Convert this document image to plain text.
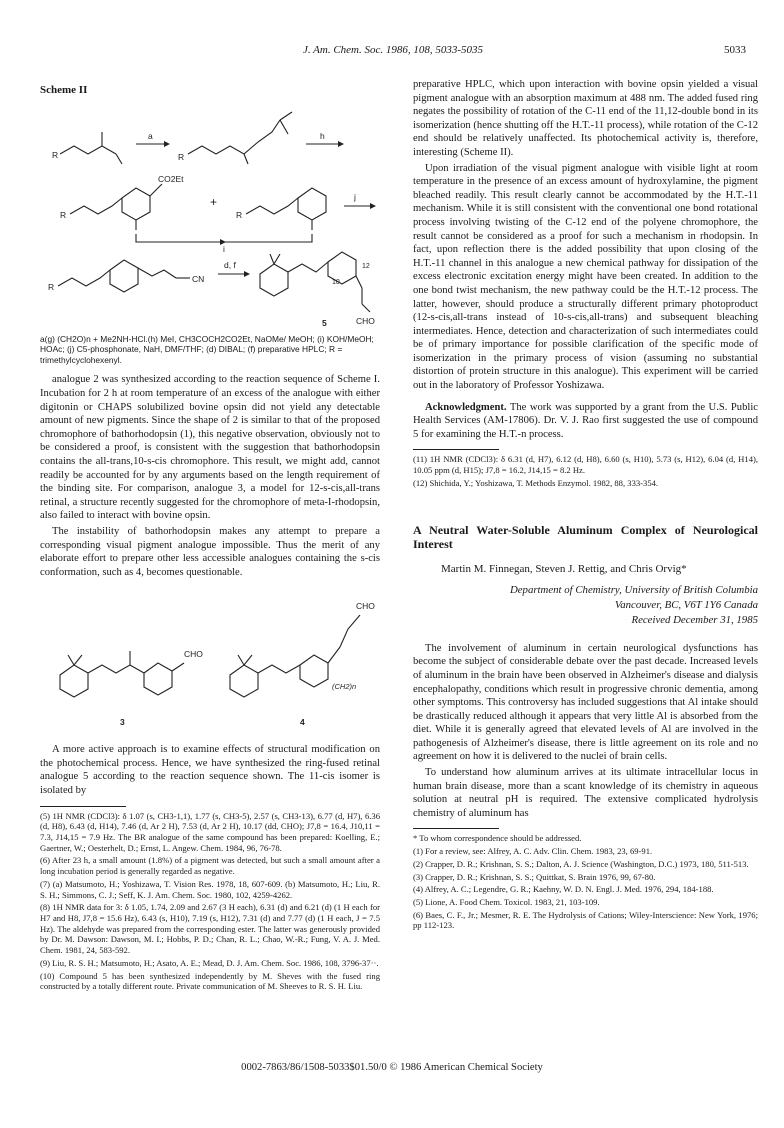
J. Am. Chem. Soc. 1986, 108, 5033-5035	5033

Scheme II

R
a
R
h
R
CO2Et
+
R
j
i
R
CN
d, f
CHO
10
12
5

a(g) (CH2O)n + Me2NH-HCl.(h) MeI, CH3COCH2CO2Et, NaOMe/ MeOH; (i) KOH/MeOH; HOAc; (j) C5-phosphonate, NaH, DMF/THF; (d) DIBAL; (f) preparative HPLC; R = trimethylcyclohexenyl.

analogue 2 was synthesized according to the reaction sequence of Scheme I. Incubation for 2 h at room temperature of an excess of the analogue with either digitonin or CHAPS solubilized bovine opsin did not yield any detectable amount of new pigments. Since the shape of 2 is similar to that of the proposed chromophore of bathorhodopsin (1), this negative observation, obviously not to be considered a proof, is consistent with the suggestion that bathorhodopsin contains the all-trans,10-s-cis chromophore. This result, we might add, cannot readily be accounted for by any arguments based on the length requirement of the binding site. For comparison, analogue 3, a model for 12-s-cis,all-trans retinal, a structure recently suggested for the chromophore of meta-I-rhodopsin, also failed to interact with bovine opsin.

The instability of bathorhodopsin makes any attempt to prepare a corresponding visual pigment analogue impossible. Thus the merit of any elaborate effort to prepare other less accessible analogues containing the s-cis conformation, such as 4, becomes questionable.

CHO
3
CHO
(CH2)n
4

A more active approach is to examine effects of structural modification on the photochemical process. Hence, we have synthesized the ring-fused retinal analogue 5 according to the reaction sequence shown. The 11-cis isomer is isolated by

(5) 1H NMR (CDCl3): δ 1.07 (s, CH3-1,1), 1.77 (s, CH3-5), 2.57 (s, CH3-13), 6.77 (d, H7), 6.36 (d, H8), 6.43 (d, H14), 7.46 (d, Ar 2 H), 7.53 (d, Ar 2 H), 10.17 (dd, CHO); J7,8 = 16.4, J10,11 = 7.3, J14,15 = 7.9 Hz. The BR analogue of the same compound has been prepared: Koelling, E.; Gaertner, W.; Oesterhelt, D.; Ernst, L. Angew. Chem. 1984, 96, 76-78.

(6) After 23 h, a small amount (1.8%) of a pigment was detected, but such a small amount after a long incubation period is generally regarded as negative.

(7) (a) Matsumoto, H.; Yoshizawa, T. Vision Res. 1978, 18, 607-609. (b) Matsumoto, H.; Liu, R. S. H.; Simmons, C. J.; Seff, K. J. Am. Chem. Soc. 1980, 102, 4259-4262.

(8) 1H NMR data for 3: δ 1.05, 1.74, 2.09 and 2.67 (3 H each), 6.31 (d) and 6.21 (d) (1 H each for H7 and H8, J7,8 = 15.6 Hz), 6.43 (s, H10), 7.19 (s, H12), 7.31 (d) and 7.77 (d) (1 H each, J = 7.5 Hz). The aldehyde was prepared from the corresponding ester. The latter was generously provided by Dr. M. Dawson: Dawson, M. I.; Hobbs, P. D.; Chan, R. L.; Chao, W.-R.; Fung, V. A. J. Med. Chem. 1981, 24, 583-592.

(9) Liu, R. S. H.; Matsumoto, H.; Asato, A. E.; Mead, D. J. Am. Chem. Soc. 1986, 108, 3796-37··.

(10) Compound 5 has been synthesized independently by M. Sheves with the fused ring constructed by a totally different route. Private communication of M. Sheeves to R. S. H. Liu.

preparative HPLC, which upon interaction with bovine opsin yielded a visual pigment analogue with an absorption maximum at 488 nm. The added fused ring negates the possibility of rotation of the C-11 end of the 11,12-double bond in its isomerization (hence shutting off the H.T.-11 process), while rotation of the C-12 end should be relatively unaffected. Its photochemical activity is, therefore, interesting (Scheme II).

Upon irradiation of the visual pigment analogue with visible light at room temperature in the presence of an excess amount of hydroxylamine, the pigment bleached readily. This result clearly cannot be accommodated by the H.T.-11 mechanism. While it is still consistent with the conventional one bond rotational process involving twisting of the C-12 end of the polyene chromophore, the result cannot be considered as a proof for such a mechanism in rhodopsin. In fact, upon reflection there is the added possibility that upon closing of the H.T.-11 channel in this analogue a new chemical pathway for dissipation of the excess electronic excitation energy might have been created. In addition to the one bond twist mechanism, the new pathway could be the H.T.-12 process. The latter, however, should produce a structurally different primary photoproduct (12-s-cis,all-trans instead of 10-s-cis,all-trans) and subsequent bleaching intermediates. Hence, detection and characterization of such intermediates could be of primary importance for possible clarification of the specific mode of isomerization in the primary process of vision (assuming no substantial distortion of protein structure in this analogue). This experiment will be carried out in the laboratory of Professor Yoshizawa.

Acknowledgment. The work was supported by a grant from the U.S. Public Health Services (AM-17806). Dr. V. J. Rao first suggested the use of compound 5 for examining the H.T.-n process.

(11) 1H NMR (CDCl3): δ 6.31 (d, H7), 6.12 (d, H8), 6.60 (s, H10), 5.73 (s, H12), 6.04 (d, H14), 10.05 ppm (d, H15); J7,8 = 16.2, J14,15 = 8.2 Hz.

(12) Shichida, Y.; Yoshizawa, T. Methods Enzymol. 1982, 88, 333-354.

A Neutral Water-Soluble Aluminum Complex of Neurological Interest

Martin M. Finnegan, Steven J. Rettig, and Chris Orvig*

Department of Chemistry, University of British Columbia

Vancouver, BC, V6T 1Y6 Canada

Received December 31, 1985

The involvement of aluminum in certain neurological dysfunctions has become the subject of considerable debate over the past decade. Increased levels of aluminum in the brain have been observed in Alzheimer's disease and dialysis encephalopathy, conditions which result in progressive chronic dementia, among other symptoms. This controversy has included suggestions that Al intake should be drastically reduced although it appears that very little Al is absorbed from the diet. While it is generally agreed that elevated levels of Al are involved in the pathogenesis of Alzheimer's disease, there is little agreement on its role and no agreement on how it is delivered to the nuclei of brain cells.

To understand how aluminum arrives at its ultimate intracellular locus in human brain disease, more than a scant knowledge of its chemistry in aqueous solution at neutral pH is required. The extensive complicated hydrolysis chemistry of aluminum has

* To whom correspondence should be addressed.

(1) For a review, see: Alfrey, A. C. Adv. Clin. Chem. 1983, 23, 69-91.

(2) Crapper, D. R.; Krishnan, S. S.; Dalton, A. J. Science (Washington, D.C.) 1973, 180, 511-513.

(3) Crapper, D. R.; Krishnan, S. S.; Quittkat, S. Brain 1976, 99, 67-80.

(4) Alfrey, A. C.; Legendre, G. R.; Kaehny, W. D. N. Engl. J. Med. 1976, 294, 184-188.

(5) Lione, A. Food Chem. Toxicol. 1983, 21, 103-109.

(6) Baes, C. F., Jr.; Mesmer, R. E. The Hydrolysis of Cations; Wiley-Interscience: New York, 1976; pp 112-123.

0002-7863/86/1508-5033$01.50/0 © 1986 American Chemical Society
